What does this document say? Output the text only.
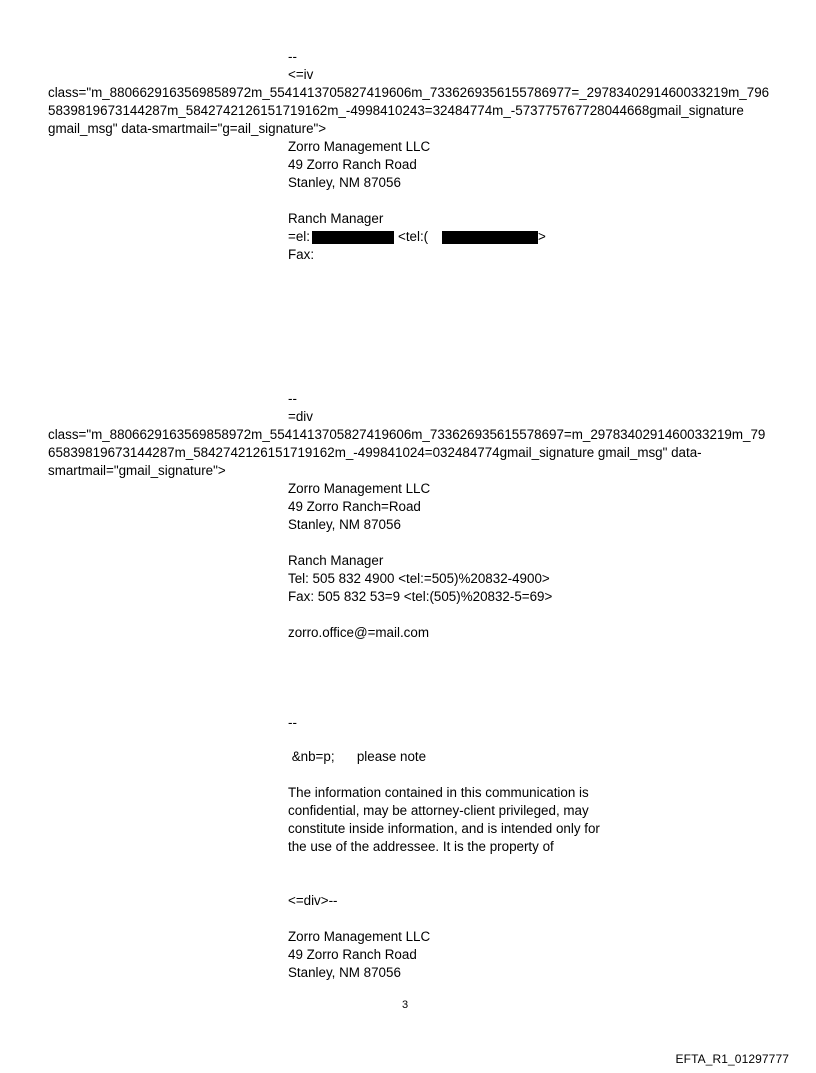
--
<=iv
class="m_8806629163569858972m_5541413705827419606m_7336269356155786977=_2978340291460033219m_796
5839819673144287m_5842742126151719162m_-4998410243=32484774m_-573775767728044668gmail_signature
gmail_msg" data-smartmail="g=ail_signature">
Zorro Management LLC
49 Zorro Ranch Road
Stanley, NM 87056
Ranch Manager
=el:	<tel:(	>
Fax:
--
=div
class="m_8806629163569858972m_5541413705827419606m_733626935615578697=m_2978340291460033219m_79
65839819673144287m_5842742126151719162m_-499841024=032484774gmail_signature gmail_msg" data-
smartmail="gmail_signature">
Zorro Management LLC
49 Zorro Ranch=Road
Stanley, NM 87056
Ranch Manager
Tel: 505 832 4900 <tel:=505)%20832-4900>
Fax: 505 832 53=9 <tel:(505)%20832-5=69>
zorro.office@=mail.com
--
&nb=p;      please note
The information contained in this communication is
confidential, may be attorney-client privileged, may
constitute inside information, and is intended only for
the use of the addressee. It is the property of
<=div>--
Zorro Management LLC
49 Zorro Ranch Road
Stanley, NM 87056
3
EFTA_R1_01297777
